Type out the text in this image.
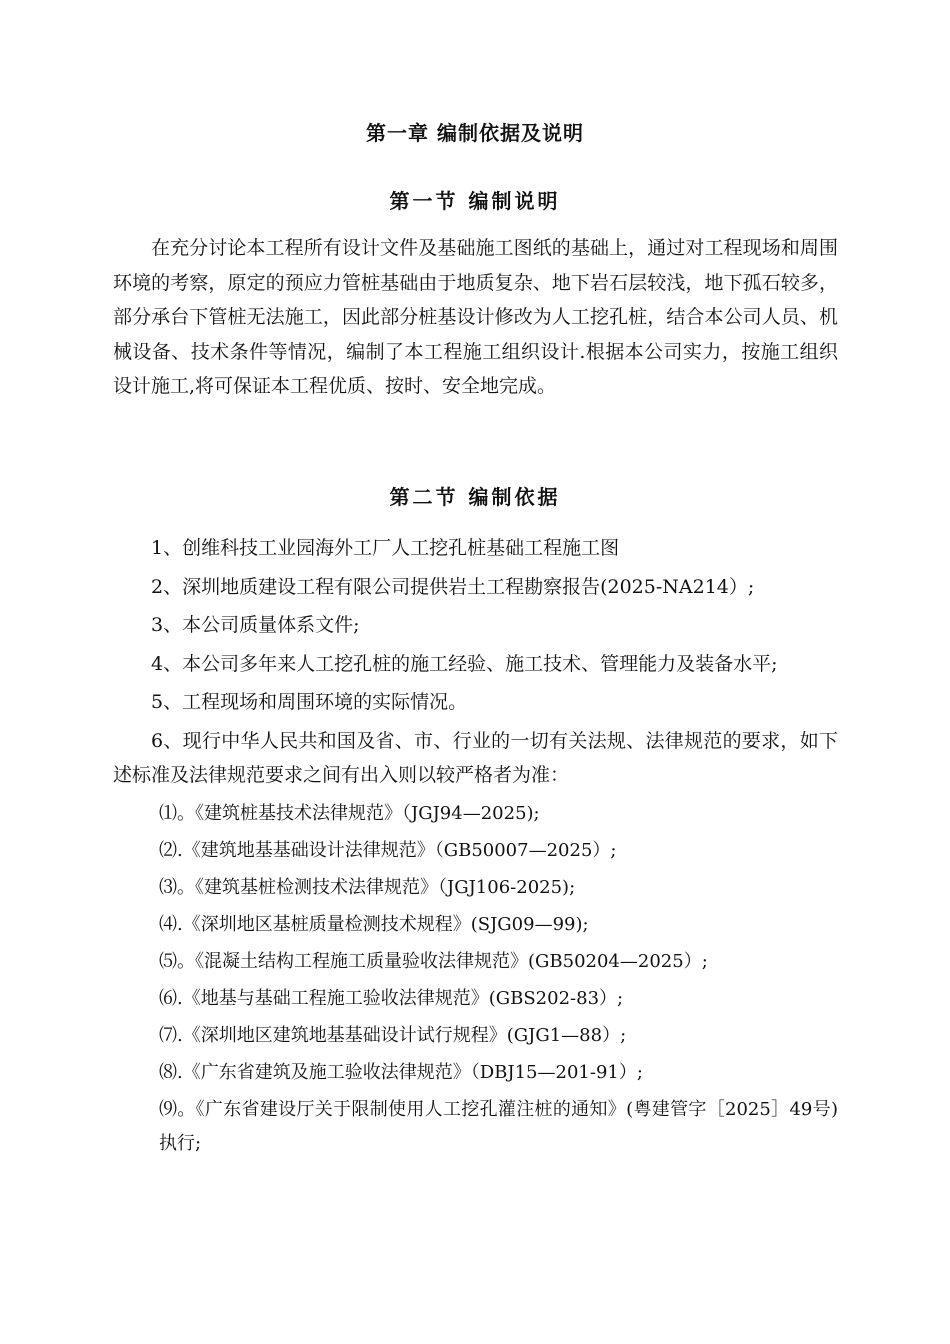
第一章 编制依据及说明
第一节 编制说明

在充分讨论本工程所有设计文件及基础施工图纸的基础上，通过对工程现场和周围环境的考察，原定的预应力管桩基础由于地质复杂、地下岩石层较浅，地下孤石较多，部分承台下管桩无法施工，因此部分桩基设计修改为人工挖孔桩，结合本公司人员、机械设备、技术条件等情况，编制了本工程施工组织设计.根据本公司实力，按施工组织设计施工,将可保证本工程优质、按时、安全地完成。

第二节 编制依据

1、创维科技工业园海外工厂人工挖孔桩基础工程施工图

2、深圳地质建设工程有限公司提供岩土工程勘察报告(2025-NA214）;

3、本公司质量体系文件;

4、本公司多年来人工挖孔桩的施工经验、施工技术、管理能力及装备水平;

5、工程现场和周围环境的实际情况。

6、现行中华人民共和国及省、市、行业的一切有关法规、法律规范的要求，如下述标准及法律规范要求之间有出入则以较严格者为准：

⑴。《建筑桩基技术法律规范》（JGJ94—2025);

⑵.《建筑地基基础设计法律规范》（GB50007—2025）;

⑶。《建筑基桩检测技术法律规范》（JGJ106-2025);

⑷.《深圳地区基桩质量检测技术规程》(SJG09—99);

⑸。《混凝土结构工程施工质量验收法律规范》(GB50204—2025）;

⑹.《地基与基础工程施工验收法律规范》(GBS202-83）;

⑺.《深圳地区建筑地基基础设计试行规程》(GJG1—88）;

⑻.《广东省建筑及施工验收法律规范》（DBJ15—201-91）;

⑼。《广东省建设厅关于限制使用人工挖孔灌注桩的通知》(粤建管字［2025］49号)执行;
